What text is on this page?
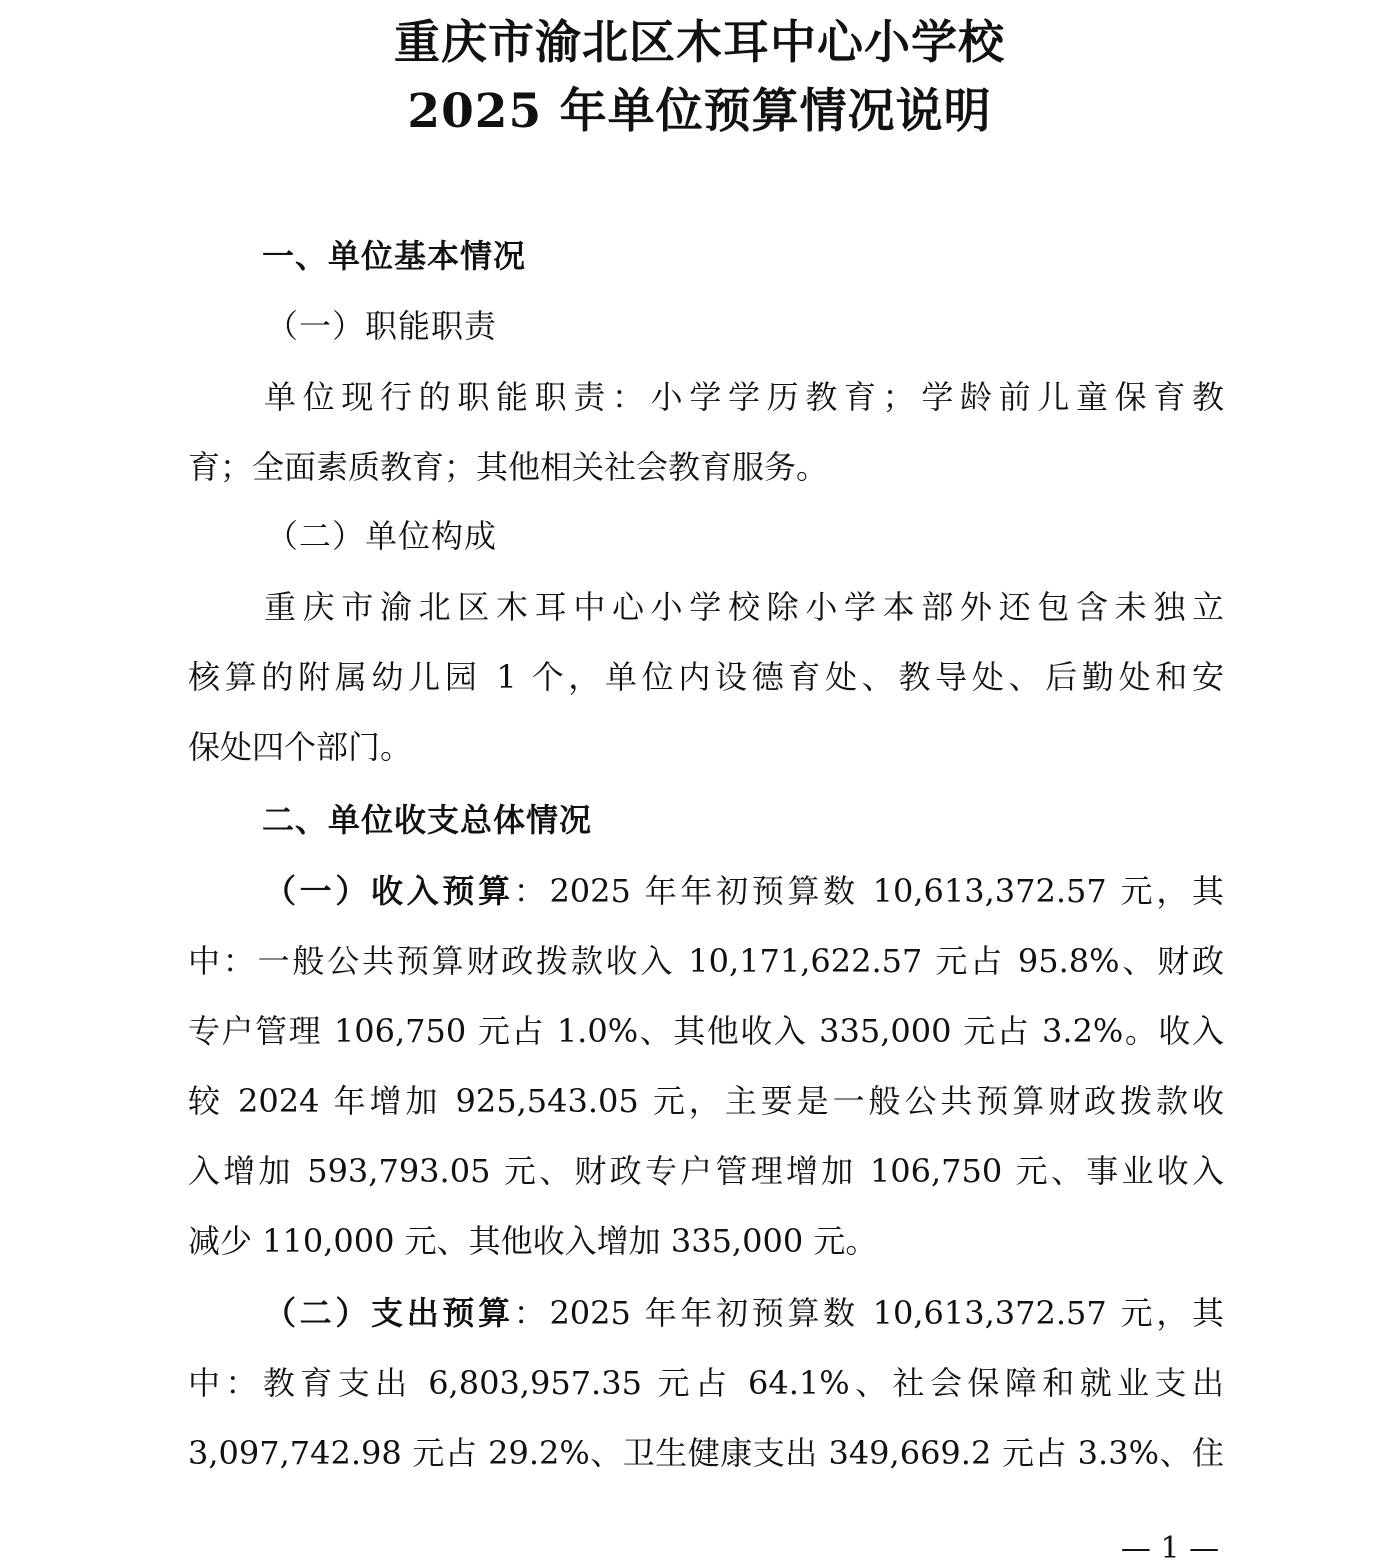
重庆市渝北区木耳中心小学校
2025 年单位预算情况说明
一、单位基本情况
（一）职能职责
单位现行的职能职责：小学学历教育；学龄前儿童保育教
育；全面素质教育；其他相关社会教育服务。
（二）单位构成
重庆市渝北区木耳中心小学校除小学本部外还包含未独立
核算的附属幼儿园 1 个，单位内设德育处、教导处、后勤处和安
保处四个部门。
二、单位收支总体情况
（一）收入预算：2025 年年初预算数 10,613,372.57 元，其
中：一般公共预算财政拨款收入 10,171,622.57 元占 95.8%、财政
专户管理 106,750 元占 1.0%、其他收入 335,000 元占 3.2%。收入
较 2024 年增加 925,543.05 元，主要是一般公共预算财政拨款收
入增加 593,793.05 元、财政专户管理增加 106,750 元、事业收入
减少 110,000 元、其他收入增加 335,000 元。
（二）支出预算：2025 年年初预算数 10,613,372.57 元，其
中：教育支出 6,803,957.35 元占 64.1%、社会保障和就业支出
3,097,742.98 元占 29.2%、卫生健康支出 349,669.2 元占 3.3%、住
— 1 —
